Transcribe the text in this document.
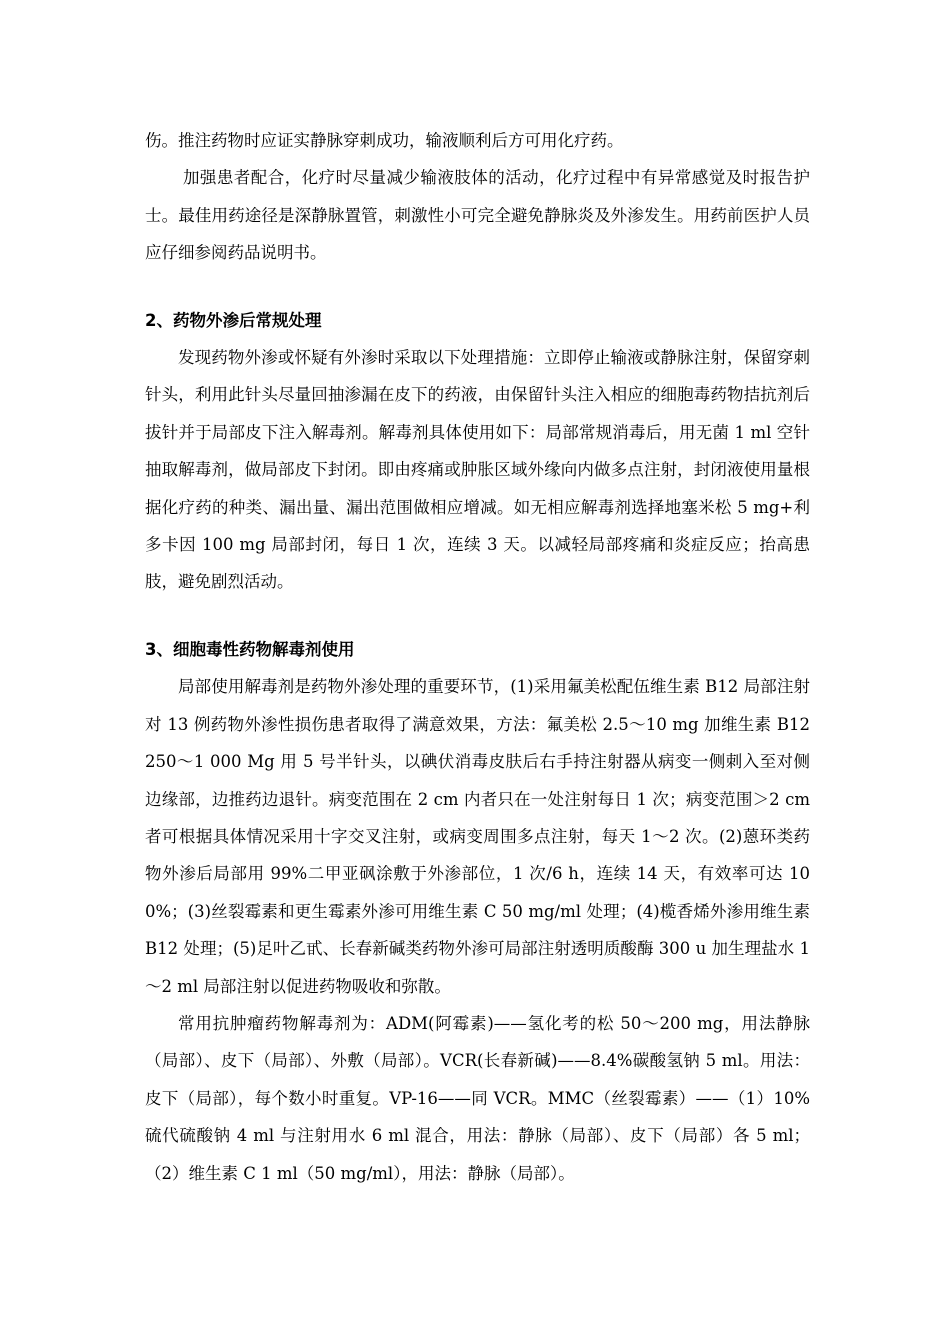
伤。推注药物时应证实静脉穿刺成功，输液顺利后方可用化疗药。

加强患者配合，化疗时尽量减少输液肢体的活动，化疗过程中有异常感觉及时报告护士。最佳用药途径是深静脉置管，刺激性小可完全避免静脉炎及外渗发生。用药前医护人员应仔细参阅药品说明书。

2、药物外渗后常规处理

发现药物外渗或怀疑有外渗时采取以下处理措施：立即停止输液或静脉注射，保留穿刺针头，利用此针头尽量回抽渗漏在皮下的药液，由保留针头注入相应的细胞毒药物拮抗剂后拔针并于局部皮下注入解毒剂。解毒剂具体使用如下：局部常规消毒后，用无菌 1 ml 空针抽取解毒剂，做局部皮下封闭。即由疼痛或肿胀区域外缘向内做多点注射，封闭液使用量根据化疗药的种类、漏出量、漏出范围做相应增减。如无相应解毒剂选择地塞米松 5 mg+利多卡因 100 mg 局部封闭，每日 1 次，连续 3 天。以减轻局部疼痛和炎症反应；抬高患肢，避免剧烈活动。

3、细胞毒性药物解毒剂使用

局部使用解毒剂是药物外渗处理的重要环节，(1)采用氟美松配伍维生素 B12 局部注射对 13 例药物外渗性损伤患者取得了满意效果，方法：氟美松 2.5～10 mg 加维生素 B12 250～1 000 Mg 用 5 号半针头，以碘伏消毒皮肤后右手持注射器从病变一侧刺入至对侧边缘部，边推药边退针。病变范围在 2 cm 内者只在一处注射每日 1 次；病变范围＞2 cm 者可根据具体情况采用十字交叉注射，或病变周围多点注射，每天 1～2 次。(2)蒽环类药物外渗后局部用 99%二甲亚砜涂敷于外渗部位，1 次/6 h，连续 14 天，有效率可达 100%；(3)丝裂霉素和更生霉素外渗可用维生素 C 50 mg/ml 处理；(4)榄香烯外渗用维生素 B12 处理；(5)足叶乙甙、长春新碱类药物外渗可局部注射透明质酸酶 300 u 加生理盐水 1～2 ml 局部注射以促进药物吸收和弥散。

常用抗肿瘤药物解毒剂为：ADM(阿霉素)——氢化考的松 50～200 mg，用法静脉（局部）、皮下（局部）、外敷（局部）。VCR(长春新碱)——8.4%碳酸氢钠 5 ml。用法：皮下（局部），每个数小时重复。VP-16——同 VCR。MMC（丝裂霉素）——（1）10%硫代硫酸钠 4 ml 与注射用水 6 ml 混合，用法：静脉（局部）、皮下（局部）各 5 ml；（2）维生素 C 1 ml（50 mg/ml），用法：静脉（局部）。
